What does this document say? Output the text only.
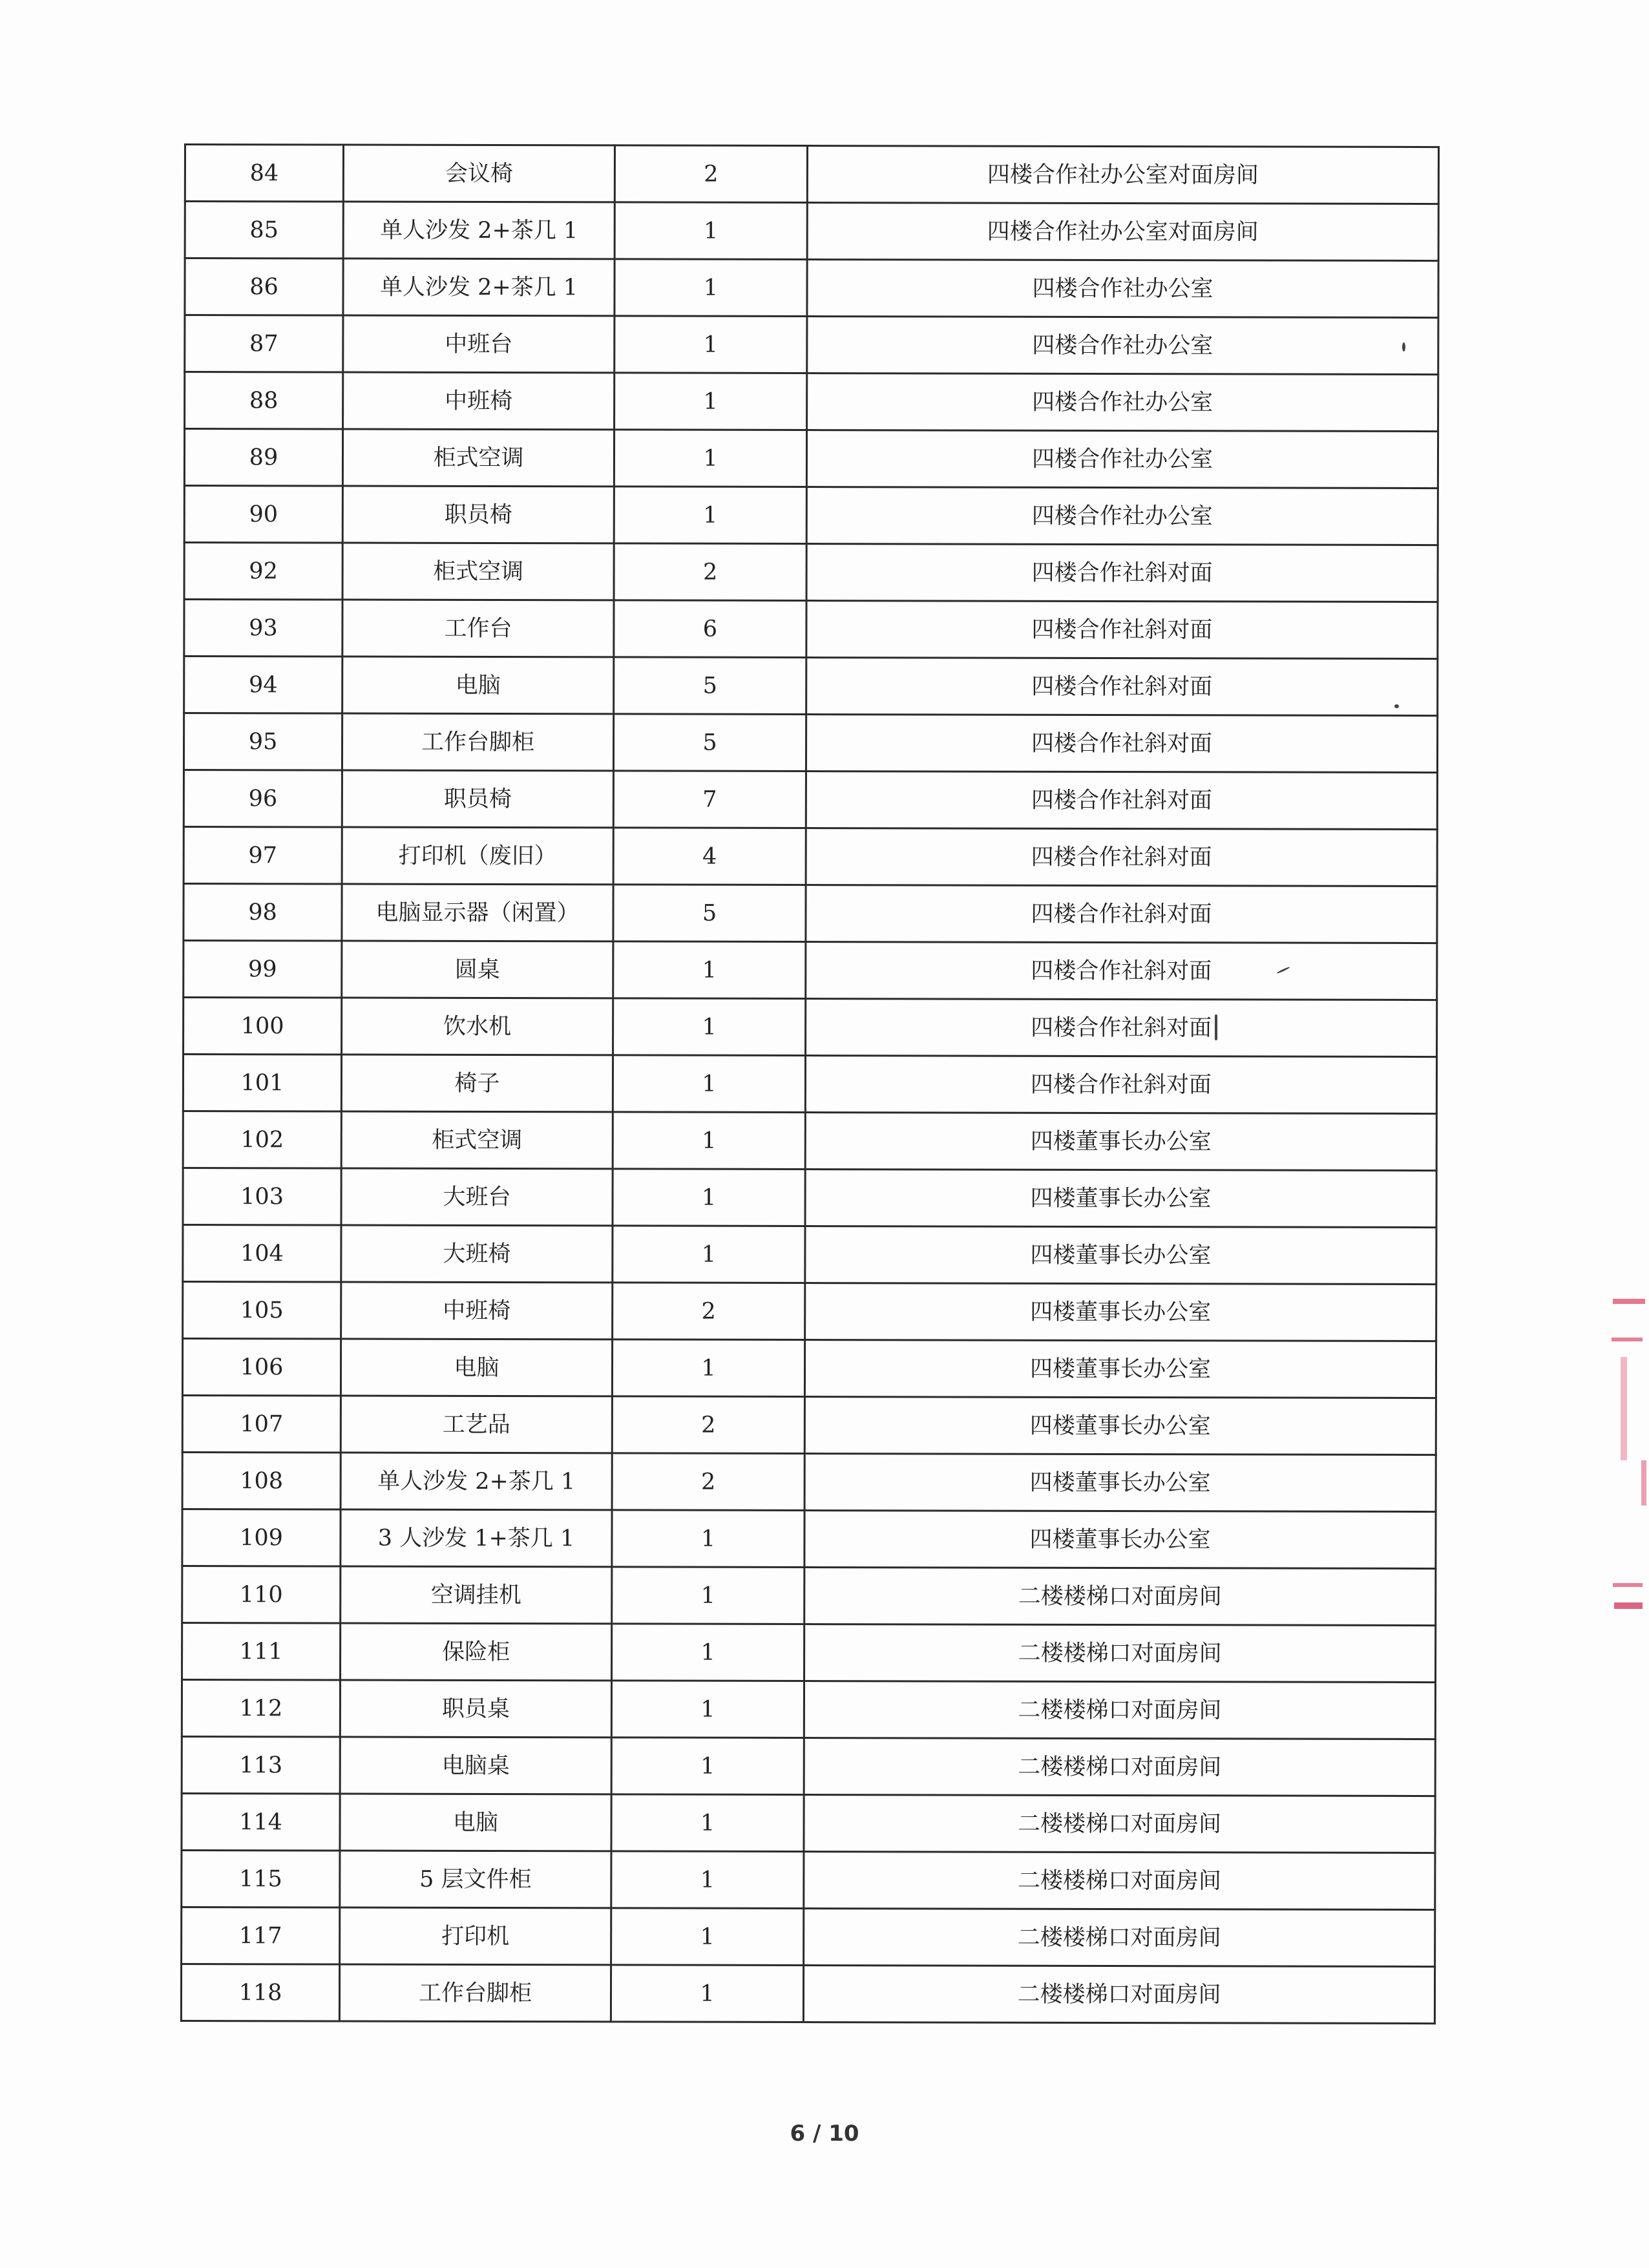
84	会议椅	2	四楼合作社办公室对面房间
85	单人沙发 2+茶几 1	1	四楼合作社办公室对面房间
86	单人沙发 2+茶几 1	1	四楼合作社办公室
87	中班台	1	四楼合作社办公室
88	中班椅	1	四楼合作社办公室
89	柜式空调	1	四楼合作社办公室
90	职员椅	1	四楼合作社办公室
92	柜式空调	2	四楼合作社斜对面
93	工作台	6	四楼合作社斜对面
94	电脑	5	四楼合作社斜对面
95	工作台脚柜	5	四楼合作社斜对面
96	职员椅	7	四楼合作社斜对面
97	打印机（废旧）	4	四楼合作社斜对面
98	电脑显示器（闲置）	5	四楼合作社斜对面
99	圆桌	1	四楼合作社斜对面
100	饮水机	1	四楼合作社斜对面
101	椅子	1	四楼合作社斜对面
102	柜式空调	1	四楼董事长办公室
103	大班台	1	四楼董事长办公室
104	大班椅	1	四楼董事长办公室
105	中班椅	2	四楼董事长办公室
106	电脑	1	四楼董事长办公室
107	工艺品	2	四楼董事长办公室
108	单人沙发 2+茶几 1	2	四楼董事长办公室
109	3 人沙发 1+茶几 1	1	四楼董事长办公室
110	空调挂机	1	二楼楼梯口对面房间
111	保险柜	1	二楼楼梯口对面房间
112	职员桌	1	二楼楼梯口对面房间
113	电脑桌	1	二楼楼梯口对面房间
114	电脑	1	二楼楼梯口对面房间
115	5 层文件柜	1	二楼楼梯口对面房间
117	打印机	1	二楼楼梯口对面房间
118	工作台脚柜	1	二楼楼梯口对面房间
6 / 10
